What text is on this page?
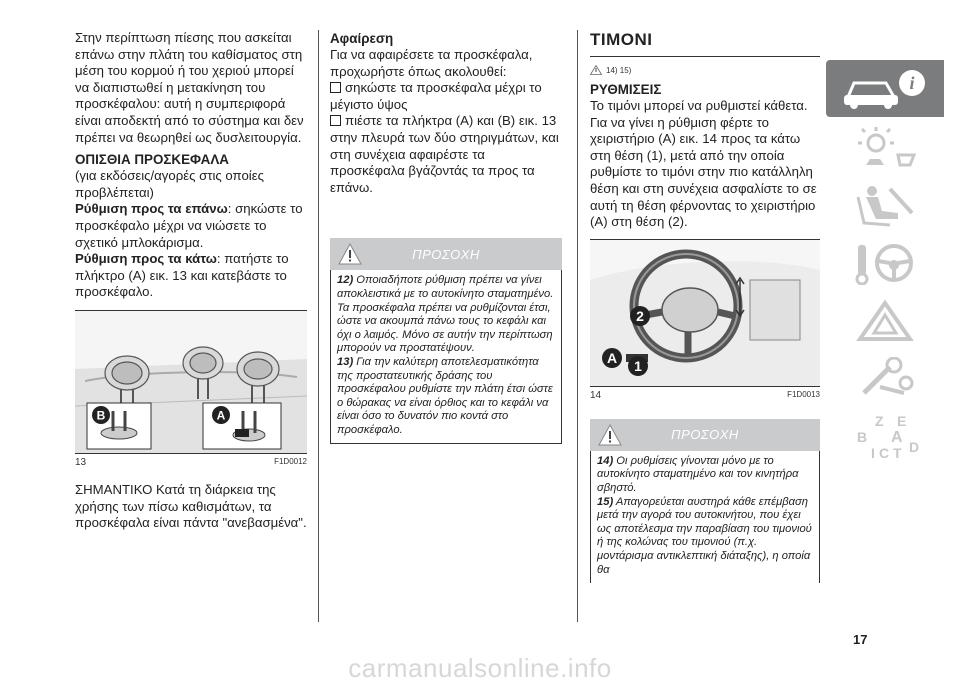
Στην περίπτωση πίεσης που ασκείται επάνω στην πλάτη του καθίσματος στη μέση του κορμού ή του χεριού μπορεί να διαπιστωθεί η μετακίνηση του προσκέφαλου: αυτή η συμπεριφορά είναι αποδεκτή από το σύστημα και δεν πρέπει να θεωρηθεί ως δυσλειτουργία.

ΟΠΙΣΘΙΑ ΠΡΟΣΚΕΦΑΛΑ

(για εκδόσεις/αγορές στις οποίες προβλέπεται)

Ρύθμιση προς τα επάνω: σηκώστε το προσκέφαλο μέχρι να νιώσετε το σχετικό μπλοκάρισμα.

Ρύθμιση προς τα κάτω: πατήστε το πλήκτρο (A) εικ. 13 και κατεβάστε το προσκέφαλο.

B	A
13	F1D0012

ΣΗΜΑΝΤΙΚΟ Κατά τη διάρκεια της χρήσης των πίσω καθισμάτων, τα προσκέφαλα είναι πάντα "ανεβασμένα".

Αφαίρεση

Για να αφαιρέσετε τα προσκέφαλα, προχωρήστε όπως ακολουθεί:

σηκώστε τα προσκέφαλα μέχρι το μέγιστο ύψος

πιέστε τα πλήκτρα (A) και (B) εικ. 13 στην πλευρά των δύο στηριγμάτων, και στη συνέχεια αφαιρέστε τα προσκέφαλα βγάζοντάς τα προς τα επάνω.

ΠΡΟΣΟΧΗ

12) Οποιαδήποτε ρύθμιση πρέπει να γίνει αποκλειστικά με το αυτοκίνητο σταματημένο. Τα προσκέφαλα πρέπει να ρυθμίζονται έτσι, ώστε να ακουμπά πάνω τους το κεφάλι και όχι ο λαιμός. Μόνο σε αυτήν την περίπτωση μπορούν να προστατέψουν.

13) Για την καλύτερη αποτελεσματικότητα της προστατευτικής δράσης του προσκέφαλου ρυθμίστε την πλάτη έτσι ώστε ο θώρακας να είναι όρθιος και το κεφάλι να είναι όσο το δυνατόν πιο κοντά στο προσκέφαλο.

ΤΙΜΟΝΙ
14) 15)

ΡΥΘΜΙΣΕΙΣ

Το τιμόνι μπορεί να ρυθμιστεί κάθετα. Για να γίνει η ρύθμιση φέρτε το χειριστήριο (A) εικ. 14 προς τα κάτω στη θέση (1), μετά από την οποία ρυθμίστε το τιμόνι στην πιο κατάλληλη θέση και στη συνέχεια ασφαλίστε το σε αυτή τη θέση φέρνοντας το χειριστήριο (A) στη θέση (2).

2
A 1
14	F1D0013
ΠΡΟΣΟΧΗ

14) Οι ρυθμίσεις γίνονται μόνο με το αυτοκίνητο σταματημένο και τον κινητήρα σβηστό.

15) Απαγορεύεται αυστηρά κάθε επέμβαση μετά την αγορά του αυτοκινήτου, που έχει ως αποτέλεσμα την παραβίαση του τιμονιού ή της κολώνας του τιμονιού (π.χ. μοντάρισμα αντικλεπτική διάταξης), η οποία θα

i
Z E
B A
I C T D
17
carmanualsonline.info
